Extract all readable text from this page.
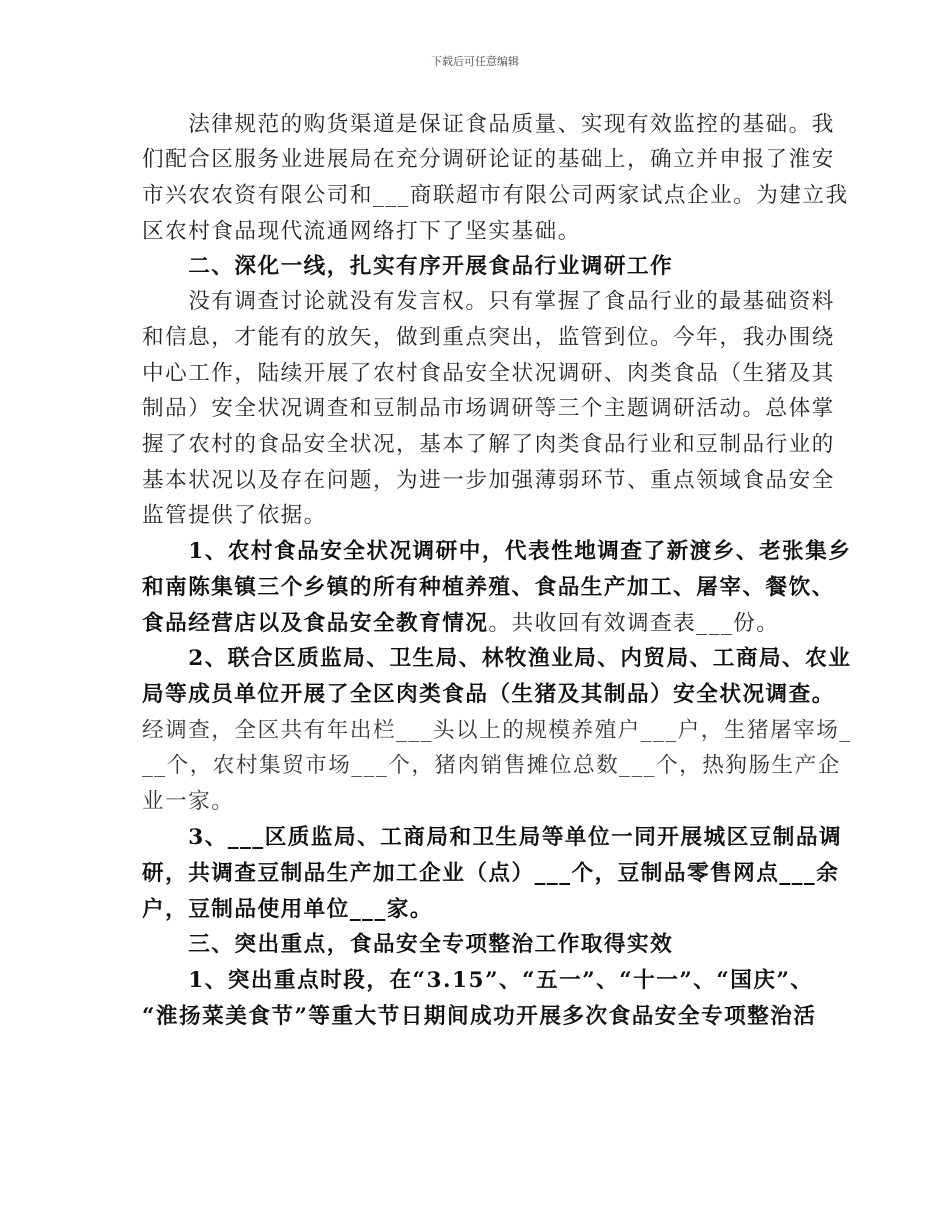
下载后可任意编辑
　　法律规范的购货渠道是保证食品质量、实现有效监控的基础。我
们配合区服务业进展局在充分调研论证的基础上，确立并申报了淮安
市兴农农资有限公司和___商联超市有限公司两家试点企业。为建立我
区农村食品现代流通网络打下了坚实基础。
　　二、深化一线，扎实有序开展食品行业调研工作
　　没有调查讨论就没有发言权。只有掌握了食品行业的最基础资料
和信息，才能有的放矢，做到重点突出，监管到位。今年，我办围绕
中心工作，陆续开展了农村食品安全状况调研、肉类食品（生猪及其
制品）安全状况调查和豆制品市场调研等三个主题调研活动。总体掌
握了农村的食品安全状况，基本了解了肉类食品行业和豆制品行业的
基本状况以及存在问题，为进一步加强薄弱环节、重点领域食品安全
监管提供了依据。
　　1、农村食品安全状况调研中，代表性地调查了新渡乡、老张集乡
和南陈集镇三个乡镇的所有种植养殖、食品生产加工、屠宰、餐饮、
食品经营店以及食品安全教育情况。共收回有效调查表___份。
　　2、联合区质监局、卫生局、林牧渔业局、内贸局、工商局、农业
局等成员单位开展了全区肉类食品（生猪及其制品）安全状况调查。
经调查，全区共有年出栏___头以上的规模养殖户___户，生猪屠宰场_
__个，农村集贸市场___个，猪肉销售摊位总数___个，热狗肠生产企
业一家。
　　3、___区质监局、工商局和卫生局等单位一同开展城区豆制品调
研，共调查豆制品生产加工企业（点）___个，豆制品零售网点___余
户，豆制品使用单位___家。
　　三、突出重点，食品安全专项整治工作取得实效
　　1、突出重点时段，在“3.15”、“五一”、“十一”、“国庆”、
“淮扬菜美食节”等重大节日期间成功开展多次食品安全专项整治活
